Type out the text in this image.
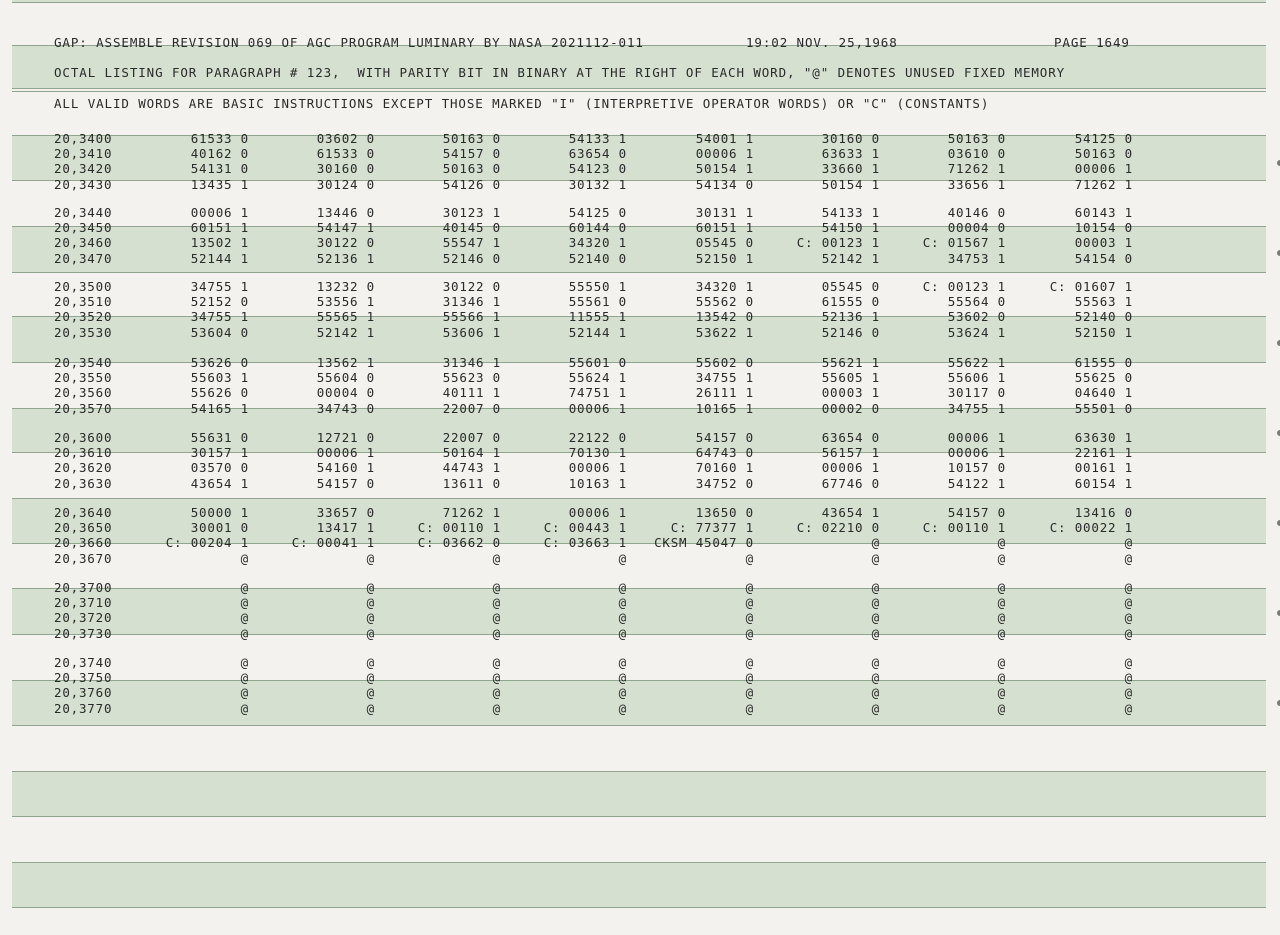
GAP: ASSEMBLE REVISION 069 OF AGC PROGRAM LUMINARY BY NASA 2021112-011	19:02 NOV. 25,1968	PAGE 1649
OCTAL LISTING FOR PARAGRAPH # 123,  WITH PARITY BIT IN BINARY AT THE RIGHT OF EACH WORD, "@" DENOTES UNUSED FIXED MEMORY
ALL VALID WORDS ARE BASIC INSTRUCTIONS EXCEPT THOSE MARKED "I" (INTERPRETIVE OPERATOR WORDS) OR "C" (CONSTANTS)
20,3400	61533 0	03602 0	50163 0	54133 1	54001 1	30160 0	50163 0	54125 0
20,3410	40162 0	61533 0	54157 0	63654 0	00006 1	63633 1	03610 0	50163 0
20,3420	54131 0	30160 0	50163 0	54123 0	50154 1	33660 1	71262 1	00006 1
20,3430	13435 1	30124 0	54126 0	30132 1	54134 0	50154 1	33656 1	71262 1
20,3440	00006 1	13446 0	30123 1	54125 0	30131 1	54133 1	40146 0	60143 1
20,3450	60151 1	54147 1	40145 0	60144 0	60151 1	54150 1	00004 0	10154 0
20,3460	13502 1	30122 0	55547 1	34320 1	05545 0	C: 00123 1	C: 01567 1	00003 1
20,3470	52144 1	52136 1	52146 0	52140 0	52150 1	52142 1	34753 1	54154 0
20,3500	34755 1	13232 0	30122 0	55550 1	34320 1	05545 0	C: 00123 1	C: 01607 1
20,3510	52152 0	53556 1	31346 1	55561 0	55562 0	61555 0	55564 0	55563 1
20,3520	34755 1	55565 1	55566 1	11555 1	13542 0	52136 1	53602 0	52140 0
20,3530	53604 0	52142 1	53606 1	52144 1	53622 1	52146 0	53624 1	52150 1
20,3540	53626 0	13562 1	31346 1	55601 0	55602 0	55621 1	55622 1	61555 0
20,3550	55603 1	55604 0	55623 0	55624 1	34755 1	55605 1	55606 1	55625 0
20,3560	55626 0	00004 0	40111 1	74751 1	26111 1	00003 1	30117 0	04640 1
20,3570	54165 1	34743 0	22007 0	00006 1	10165 1	00002 0	34755 1	55501 0
20,3600	55631 0	12721 0	22007 0	22122 0	54157 0	63654 0	00006 1	63630 1
20,3610	30157 1	00006 1	50164 1	70130 1	64743 0	56157 1	00006 1	22161 1
20,3620	03570 0	54160 1	44743 1	00006 1	70160 1	00006 1	10157 0	00161 1
20,3630	43654 1	54157 0	13611 0	10163 1	34752 0	67746 0	54122 1	60154 1
20,3640	50000 1	33657 0	71262 1	00006 1	13650 0	43654 1	54157 0	13416 0
20,3650	30001 0	13417 1	C: 00110 1	C: 00443 1	C: 77377 1	C: 02210 0	C: 00110 1	C: 00022 1
20,3660	C: 00204 1	C: 00041 1	C: 03662 0	C: 03663 1	CKSM 45047 0	@	@	@
20,3670	@	@	@	@	@	@	@	@
20,3700	@	@	@	@	@	@	@	@
20,3710	@	@	@	@	@	@	@	@
20,3720	@	@	@	@	@	@	@	@
20,3730	@	@	@	@	@	@	@	@
20,3740	@	@	@	@	@	@	@	@
20,3750	@	@	@	@	@	@	@	@
20,3760	@	@	@	@	@	@	@	@
20,3770	@	@	@	@	@	@	@	@
